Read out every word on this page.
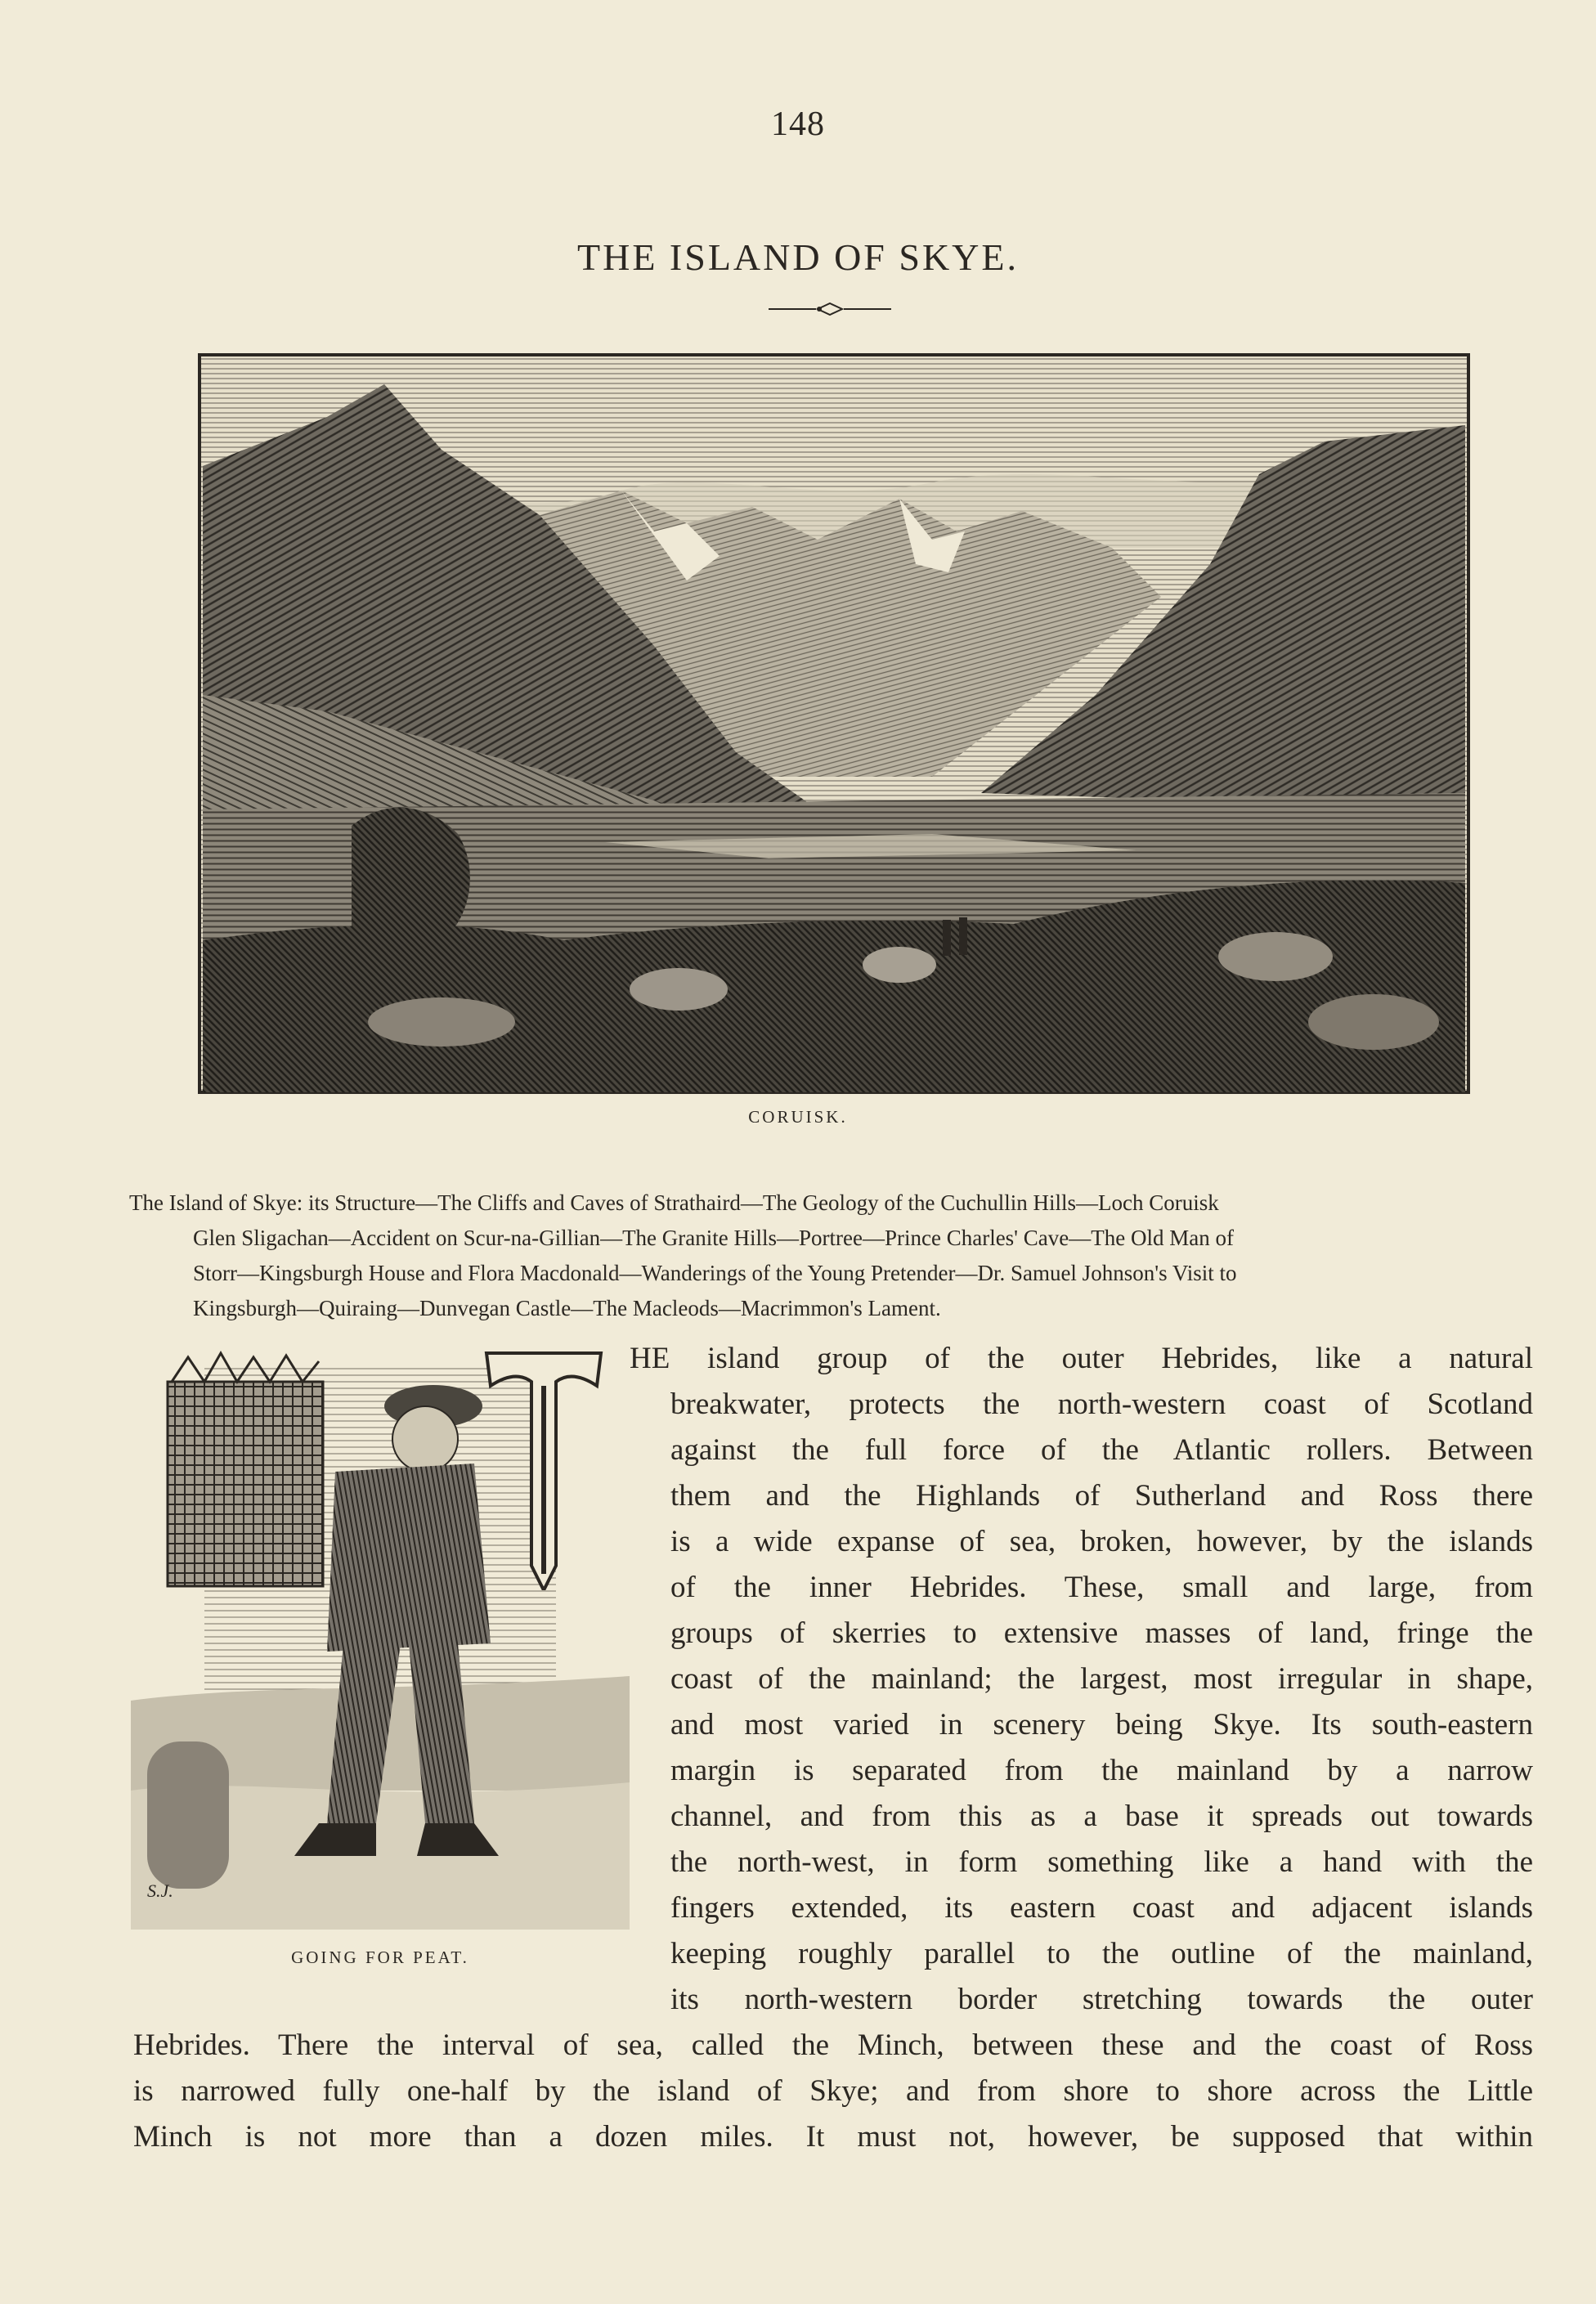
148
THE ISLAND OF SKYE.
CORUISK.
The Island of Skye: its Structure—The Cliffs and Caves of Strathaird—The Geology of the Cuchullin Hills—Loch Coruisk
Glen Sligachan—Accident on Scur-na-Gillian—The Granite Hills—Portree—Prince Charles' Cave—The Old Man of
Storr—Kingsburgh House and Flora Macdonald—Wanderings of the Young Pretender—Dr. Samuel Johnson's Visit to
Kingsburgh—Quiraing—Dunvegan Castle—The Macleods—Macrimmon's Lament.
S.J.
GOING FOR PEAT.
T
HE island group of the outer Hebrides, like a natural
breakwater, protects the north-western coast of Scotland
against the full force of the Atlantic rollers. Between
them and the Highlands of Sutherland and Ross there
is a wide expanse of sea, broken, however, by the islands
of the inner Hebrides. These, small and large, from
groups of skerries to extensive masses of land, fringe the
coast of the mainland; the largest, most irregular in shape,
and most varied in scenery being Skye. Its south-eastern
margin is separated from the mainland by a narrow
channel, and from this as a base it spreads out towards
the north-west, in form something like a hand with the
fingers extended, its eastern coast and adjacent islands
keeping roughly parallel to the outline of the mainland,
its north-western border stretching towards the outer
Hebrides. There the interval of sea, called the Minch, between these and the coast of Ross
is narrowed fully one-half by the island of Skye; and from shore to shore across the Little
Minch is not more than a dozen miles. It must not, however, be supposed that within
